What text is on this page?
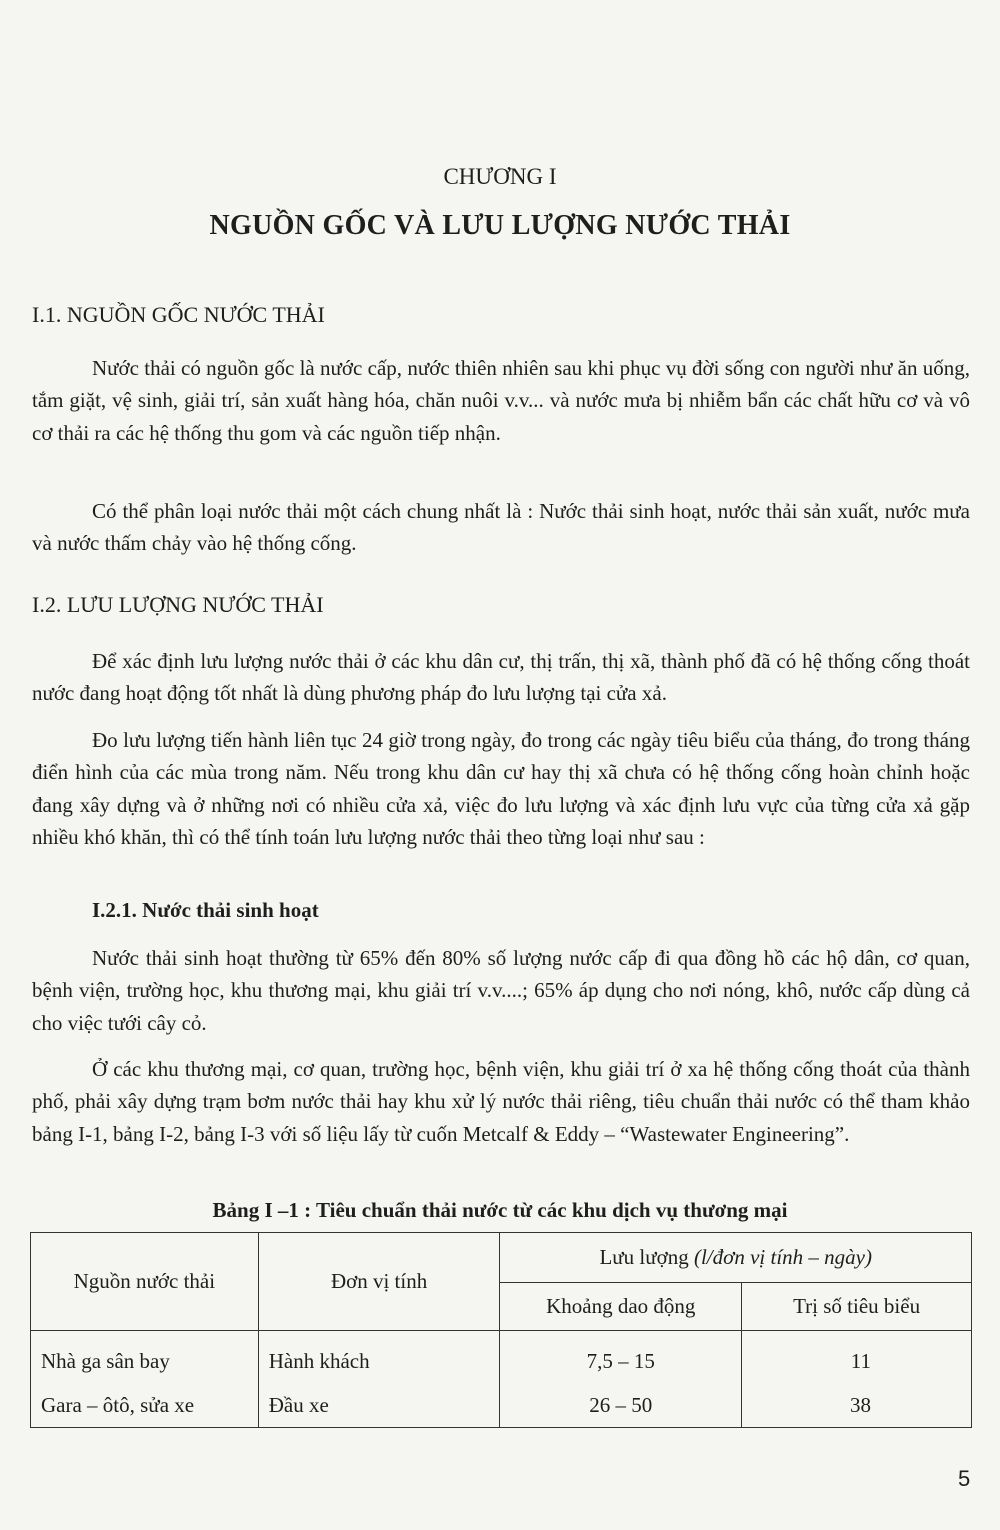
CHƯƠNG I
NGUỒN GỐC VÀ LƯU LƯỢNG NƯỚC THẢI
I.1. NGUỒN GỐC NƯỚC THẢI

Nước thải có nguồn gốc là nước cấp, nước thiên nhiên sau khi phục vụ đời sống con người như ăn uống, tắm giặt, vệ sinh, giải trí, sản xuất hàng hóa, chăn nuôi v.v... và nước mưa bị nhiễm bẩn các chất hữu cơ và vô cơ thải ra các hệ thống thu gom và các nguồn tiếp nhận.

Có thể phân loại nước thải một cách chung nhất là : Nước thải sinh hoạt, nước thải sản xuất, nước mưa và nước thấm chảy vào hệ thống cống.

I.2. LƯU LƯỢNG NƯỚC THẢI

Để xác định lưu lượng nước thải ở các khu dân cư, thị trấn, thị xã, thành phố đã có hệ thống cống thoát nước đang hoạt động tốt nhất là dùng phương pháp đo lưu lượng tại cửa xả.

Đo lưu lượng tiến hành liên tục 24 giờ trong ngày, đo trong các ngày tiêu biểu của tháng, đo trong tháng điển hình của các mùa trong năm. Nếu trong khu dân cư hay thị xã chưa có hệ thống cống hoàn chỉnh hoặc đang xây dựng và ở những nơi có nhiều cửa xả, việc đo lưu lượng và xác định lưu vực của từng cửa xả gặp nhiều khó khăn, thì có thể tính toán lưu lượng nước thải theo từng loại như sau :

I.2.1. Nước thải sinh hoạt

Nước thải sinh hoạt thường từ 65% đến 80% số lượng nước cấp đi qua đồng hồ các hộ dân, cơ quan, bệnh viện, trường học, khu thương mại, khu giải trí v.v....; 65% áp dụng cho nơi nóng, khô, nước cấp dùng cả cho việc tưới cây cỏ.

Ở các khu thương mại, cơ quan, trường học, bệnh viện, khu giải trí ở xa hệ thống cống thoát của thành phố, phải xây dựng trạm bơm nước thải hay khu xử lý nước thải riêng, tiêu chuẩn thải nước có thể tham khảo bảng I-1, bảng I-2, bảng I-3 với số liệu lấy từ cuốn Metcalf & Eddy – “Wastewater Engineering”.

Bảng I –1 : Tiêu chuẩn thải nước từ các khu dịch vụ thương mại
Nguồn nước thải	Đơn vị tính	Lưu lượng (l/đơn vị tính – ngày)	
		Khoảng dao động	Trị số tiêu biểu
Nhà ga sân bay	Hành khách	7,5 – 15	11
Gara – ôtô, sửa xe	Đầu xe	26 – 50	38
5
